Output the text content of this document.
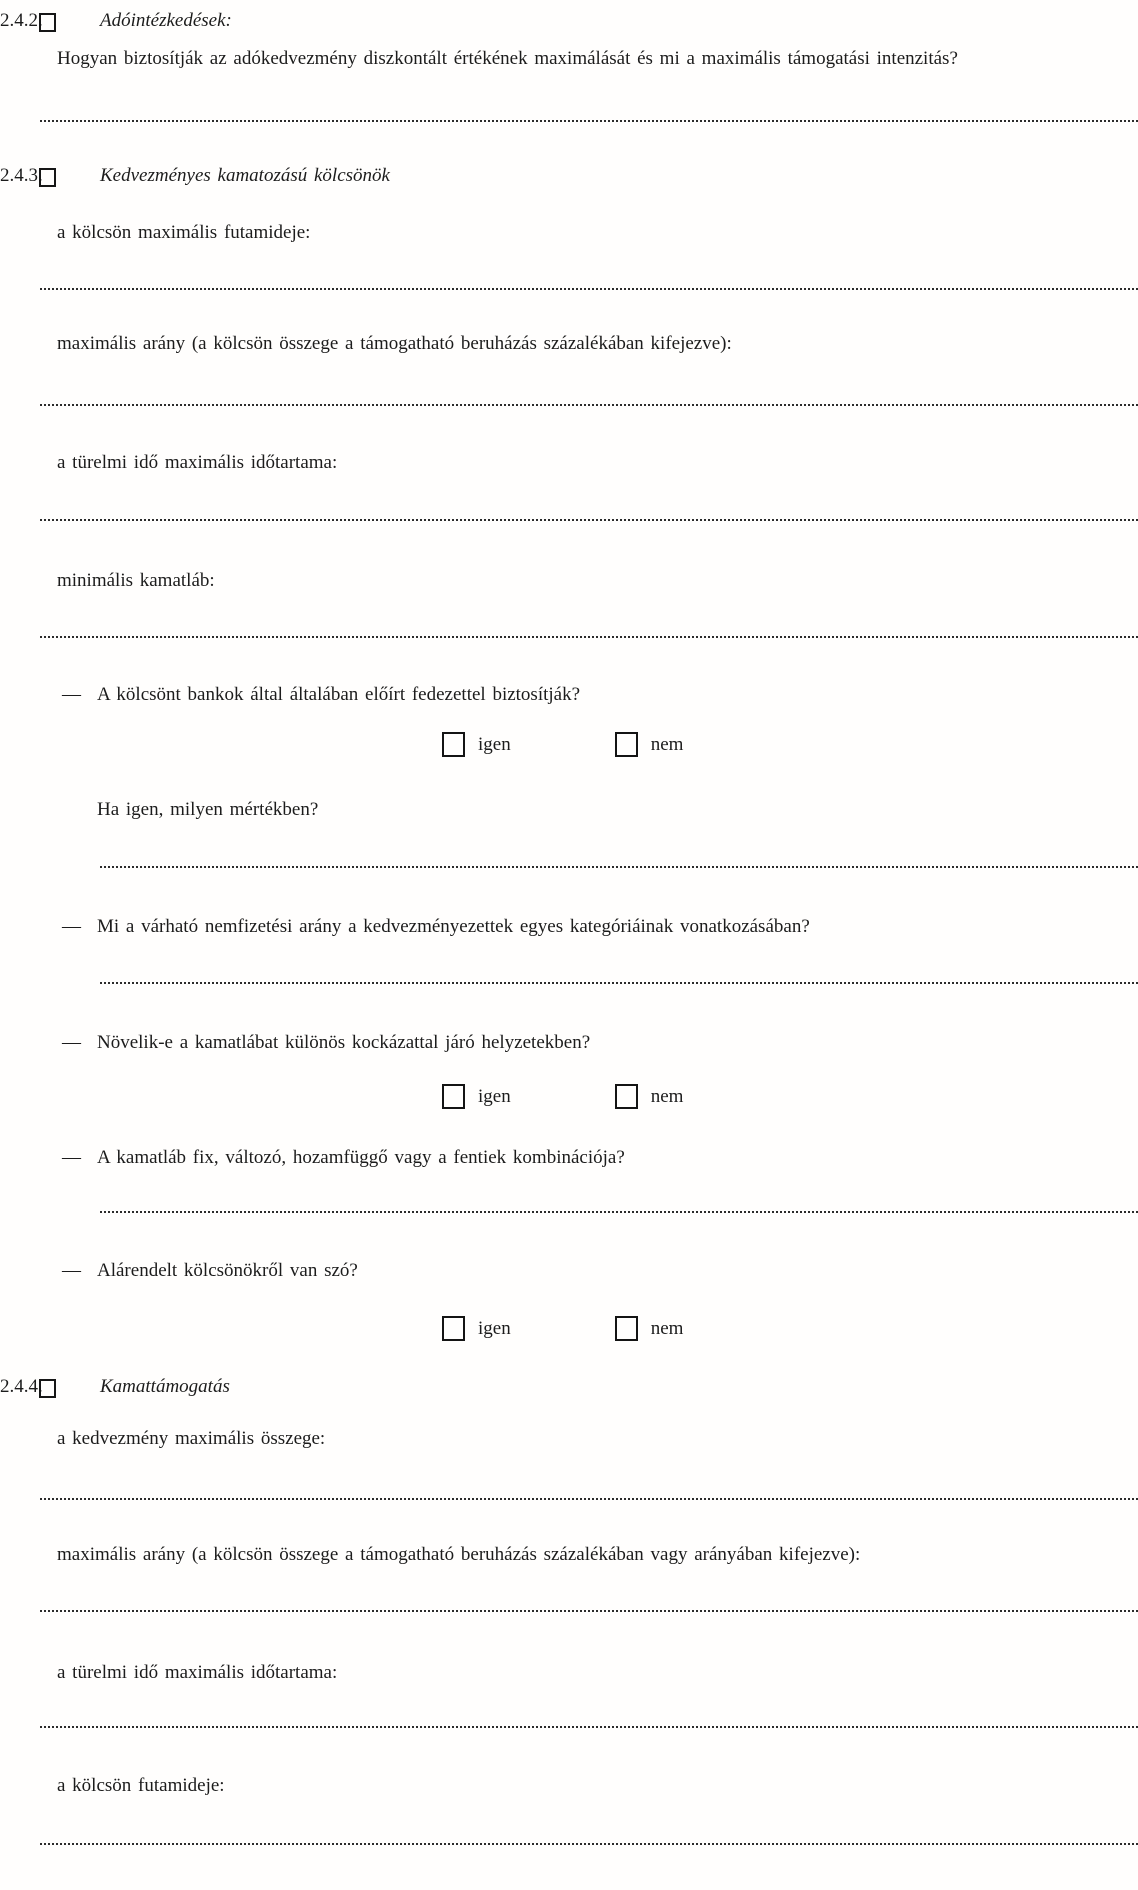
2.4.2.	Adóintézkedések:
Hogyan biztosítják az adókedvezmény diszkontált értékének maximálását és mi a maximális támogatási intenzitás?
2.4.3.	Kedvezményes kamatozású kölcsönök
a kölcsön maximális futamideje:
maximális arány (a kölcsön összege a támogatható beruházás százalékában kifejezve):
a türelmi idő maximális időtartama:
minimális kamatláb:
— A kölcsönt bankok által általában előírt fedezettel biztosítják?
igen	nem
Ha igen, milyen mértékben?
— Mi a várható nemfizetési arány a kedvezményezettek egyes kategóriáinak vonatkozásában?
— Növelik-e a kamatlábat különös kockázattal járó helyzetekben?
igen	nem
— A kamatláb fix, változó, hozamfüggő vagy a fentiek kombinációja?
— Alárendelt kölcsönökről van szó?
igen	nem
2.4.4.	Kamattámogatás
a kedvezmény maximális összege:
maximális arány (a kölcsön összege a támogatható beruházás százalékában vagy arányában kifejezve):
a türelmi idő maximális időtartama:
a kölcsön futamideje:
